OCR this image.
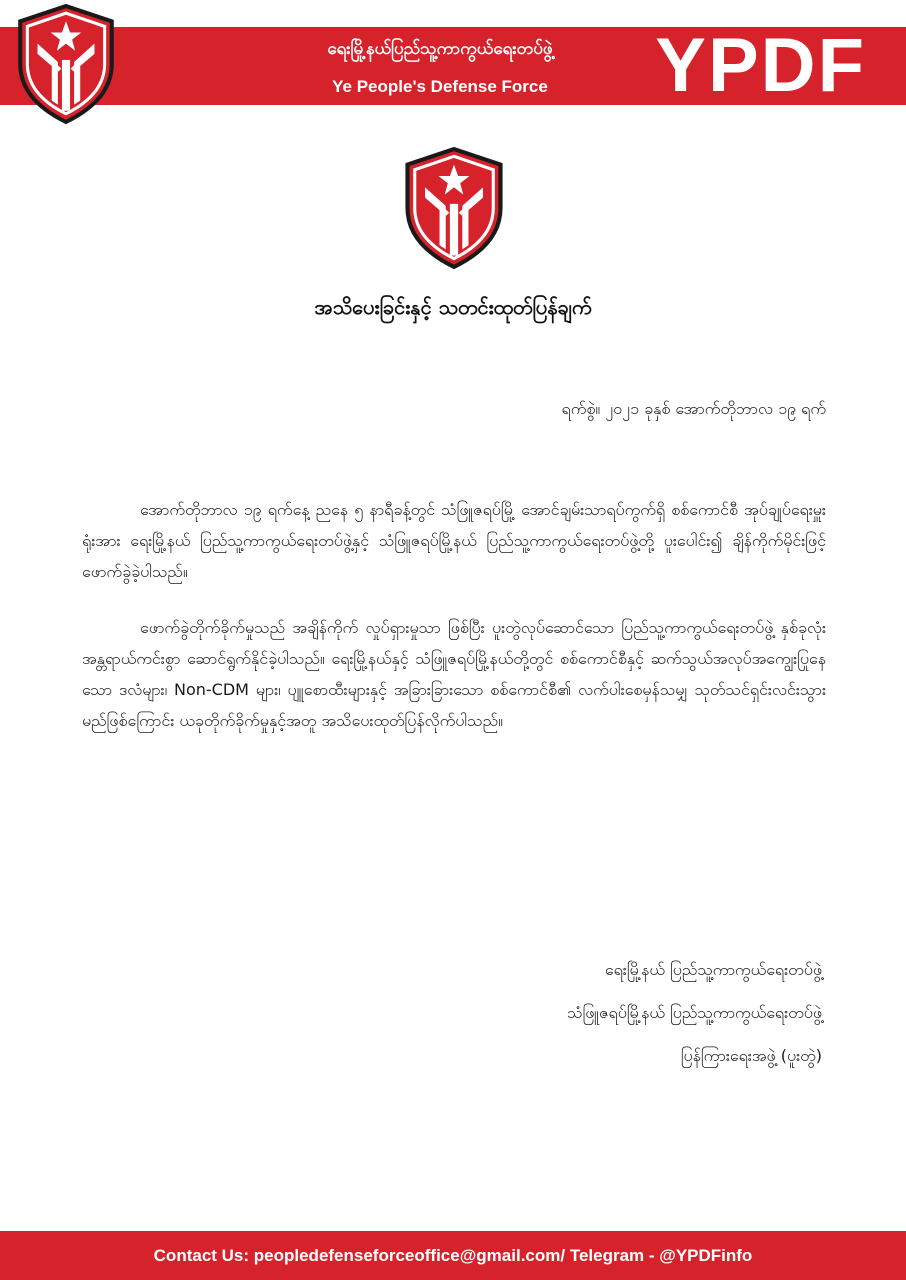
ရေးမြို့နယ်ပြည်သူ့ကာကွယ်ရေးတပ်ဖွဲ့
Ye People's Defense Force	YPDF
အသိပေးခြင်းနှင့် သတင်းထုတ်ပြန်ချက်
ရက်စွဲ။ ၂၀၂၁ ခုနှစ် အောက်တိုဘာလ ၁၉ ရက်

အောက်တိုဘာလ ၁၉ ရက်နေ့ ညနေ ၅ နာရီခန့်တွင် သံဖြူဇရပ်မြို့ အောင်ချမ်းသာရပ်ကွက်ရှိ စစ်ကောင်စီ အုပ်ချုပ်ရေးမှူးရုံးအား ရေးမြို့နယ် ပြည်သူ့ကာကွယ်ရေးတပ်ဖွဲ့နှင့် သံဖြူဇရပ်မြို့နယ် ပြည်သူ့ကာကွယ်ရေးတပ်ဖွဲ့တို့ ပူးပေါင်း၍ ချိန်ကိုက်မိုင်းဖြင့် ဖောက်ခွဲခဲ့ပါသည်။

ဖောက်ခွဲတိုက်ခိုက်မှုသည် အချိန်ကိုက် လှုပ်ရှားမှုသာ ဖြစ်ပြီး ပူးတွဲလုပ်ဆောင်သော ပြည်သူ့ကာကွယ်ရေးတပ်ဖွဲ့ နှစ်ခုလုံး အန္တရာယ်ကင်းစွာ ဆောင်ရွက်နိုင်ခဲ့ပါသည်။ ရေးမြို့နယ်နှင့် သံဖြူဇရပ်မြို့နယ်တို့တွင် စစ်ကောင်စီနှင့် ဆက်သွယ်အလုပ်အကျွေးပြုနေသော ဒလံများ၊ Non-CDM များ၊ ပျူစောထီးများနှင့် အခြားခြားသော စစ်ကောင်စီ၏ လက်ပါးစေမှန်သမျှ သုတ်သင်ရှင်းလင်းသွားမည်ဖြစ်ကြောင်း ယခုတိုက်ခိုက်မှုနှင့်အတူ အသိပေးထုတ်ပြန်လိုက်ပါသည်။

ရေးမြို့နယ် ပြည်သူ့ကာကွယ်ရေးတပ်ဖွဲ့
သံဖြူဇရပ်မြို့နယ် ပြည်သူ့ကာကွယ်ရေးတပ်ဖွဲ့
ပြန်ကြားရေးအဖွဲ့ (ပူးတွဲ)
Contact Us: peopledefenseforceoffice@gmail.com/ Telegram - @YPDFinfo
